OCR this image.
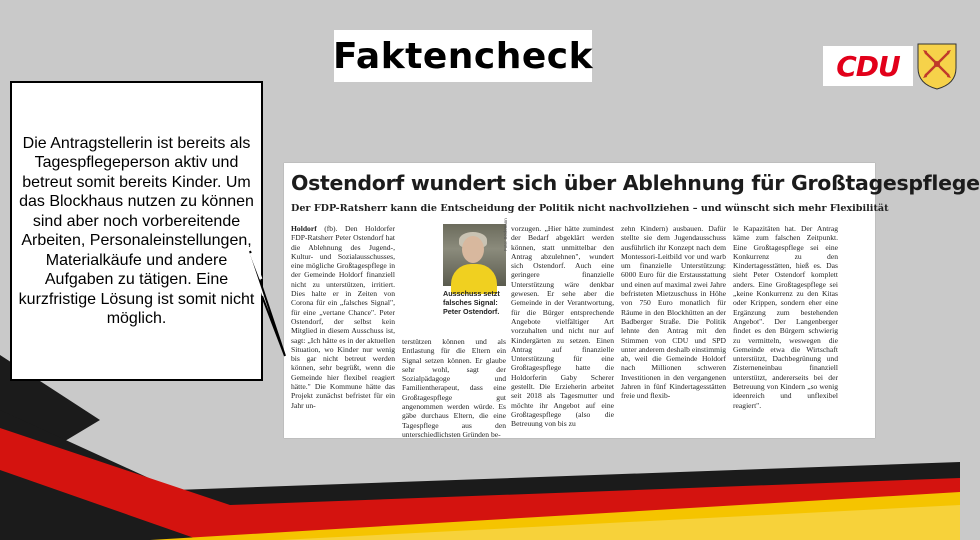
Faktencheck	CDU
Ostendorf wundert sich über Ablehnung für Großtagespflege
Der FDP-Ratsherr kann die Entscheidung der Politik nicht nachvollziehen – und wünscht sich mehr Flexibilität
Holdorf (fb). Den Holdorfer FDP-Ratsherr Peter Ostendorf hat die Ablehnung des Jugend-, Kultur- und Sozialausschusses, eine mögliche Großtagespflege in der Gemeinde Holdorf finanziell nicht zu unterstützen, irritiert. Dies halte er in Zeiten von Corona für ein „falsches Signal", für eine „vertane Chance". Peter Ostendorf, der selbst kein Mitglied in diesem Ausschuss ist, sagt: „Ich hätte es in der aktuellen Situation, wo Kinder nur wenig bis gar nicht betreut werden können, sehr begrüßt, wenn die Gemeinde hier flexibel reagiert hätte." Die Kommune hätte das Projekt zunächst befristet für ein Jahr un-
Foto: Böckmann
Ausschuss setzt falsches Signal: Peter Ostendorf.
terstützen können und als Entlastung für die Eltern ein Signal setzen können. Er glaube sehr wohl, sagt der Sozialpädagoge und Familientherapeut, dass eine Großtagespflege gut angenommen werden würde. Es gäbe durchaus Eltern, die eine Tagespflege aus den unterschiedlichsten Gründen be-
vorzugen. „Hier hätte zumindest der Bedarf abgeklärt werden können, statt unmittelbar den Antrag abzulehnen", wundert sich Ostendorf. Auch eine geringere finanzielle Unterstützung wäre denkbar gewesen. Er sehe aber die Gemeinde in der Verantwortung, für die Bürger entsprechende Angebote vielfältiger Art vorzuhalten und nicht nur auf Kindergärten zu setzen. Einen Antrag auf finanzielle Unterstützung für eine Großtagespflege hatte die Holdorferin Gaby Scherer gestellt. Die Erzieherin arbeitet seit 2018 als Tagesmutter und möchte ihr Angebot auf eine Großtagespflege (also die Betreuung von bis zu
zehn Kindern) ausbauen. Dafür stellte sie dem Jugendausschuss ausführlich ihr Konzept nach dem Montessori-Leitbild vor und warb um finanzielle Unterstützung: 6000 Euro für die Erstausstattung und einen auf maximal zwei Jahre befristeten Mietzuschuss in Höhe von 750 Euro monatlich für Räume in den Blockhütten an der Badberger Straße. Die Politik lehnte den Antrag mit den Stimmen von CDU und SPD unter anderem deshalb einstimmig ab, weil die Gemeinde Holdorf nach Millionen schweren Investitionen in den vergangenen Jahren in fünf Kindertagesstätten freie und flexib-
le Kapazitäten hat. Der Antrag käme zum falschen Zeitpunkt. Eine Großtagespflege sei eine Konkurrenz zu den Kindertagesstätten, hieß es. Das sieht Peter Ostendorf komplett anders. Eine Großtagespflege sei „keine Konkurrenz zu den Kitas oder Krippen, sondern eher eine Ergänzung zum bestehenden Angebot". Der Langenberger findet es den Bürgern schwierig zu vermitteln, weswegen die Gemeinde etwa die Wirtschaft unterstützt, Dachbegrünung und Zisterneneinbau finanziell unterstützt, andererseits bei der Betreuung von Kindern „so wenig ideenreich und unflexibel reagiert".
Die Antragstellerin ist bereits als Tagespflegeperson aktiv und betreut somit bereits Kinder. Um das Blockhaus nutzen zu können sind aber noch vorbereitende Arbeiten, Personaleinstellungen, Materialkäufe und andere Aufgaben zu tätigen. Eine kurzfristige Lösung ist somit nicht möglich.
